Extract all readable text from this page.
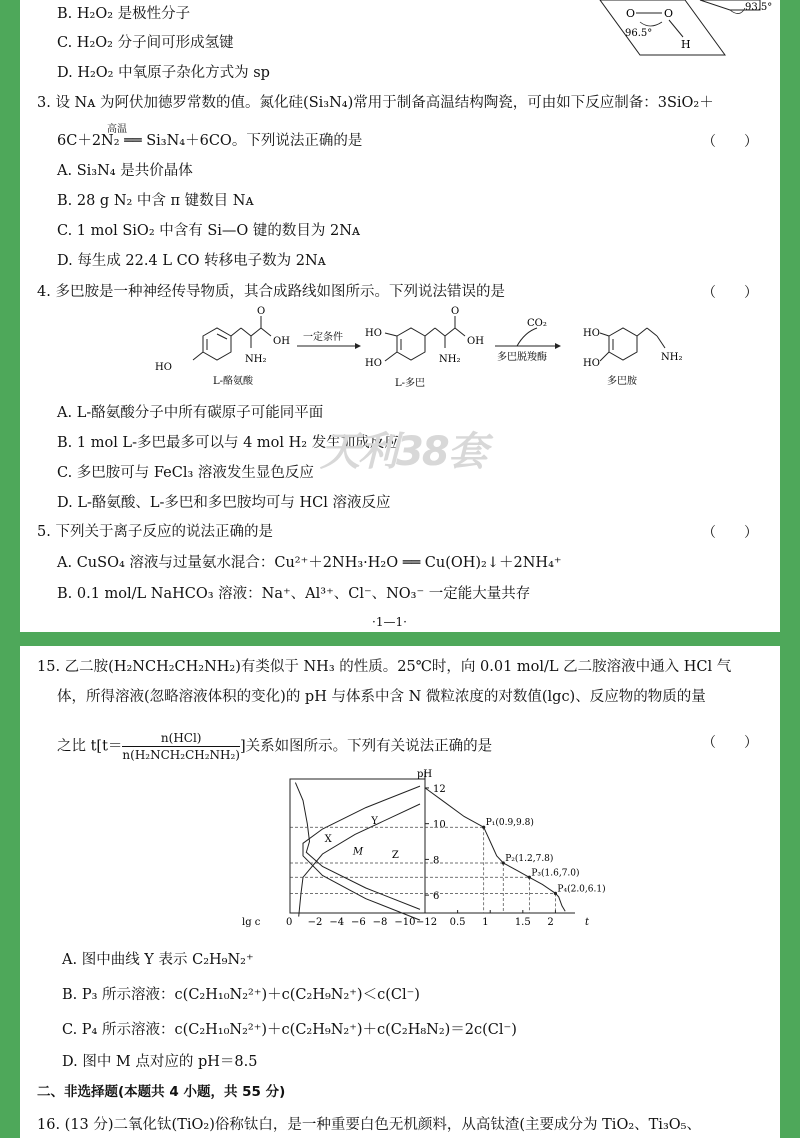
B. H₂O₂ 是极性分子
C. H₂O₂ 分子间可形成氢键
D. H₂O₂ 中氧原子杂化方式为 sp
O	O
H
93.5°
96.5°
3. 设 Nᴀ 为阿伏加德罗常数的值。氮化硅(Si₃N₄)常用于制备高温结构陶瓷，可由如下反应制备：3SiO₂＋
高温
6C＋2N₂ ══ Si₃N₄＋6CO。下列说法正确的是	（　　）
A. Si₃N₄ 是共价晶体
B. 28 g N₂ 中含 π 键数目 Nᴀ
C. 1 mol SiO₂ 中含有 Si—O 键的数目为 2Nᴀ
D. 每生成 22.4 L CO 转移电子数为 2Nᴀ
4. 多巴胺是一种神经传导物质，其合成路线如图所示。下列说法错误的是	（　　）
HO
O
OH
NH₂
L-酪氨酸
一定条件 HO
HO
O
OH
NH₂
L-多巴
CO₂
多巴脱羧酶
HO
HO
NH₂
多巴胺
A. L-酪氨酸分子中所有碳原子可能同平面
B. 1 mol L-多巴最多可以与 4 mol H₂ 发生加成反应
C. 多巴胺可与 FeCl₃ 溶液发生显色反应
D. L-酪氨酸、L-多巴和多巴胺均可与 HCl 溶液反应
天利38套
5. 下列关于离子反应的说法正确的是	（　　）
A. CuSO₄ 溶液与过量氨水混合：Cu²⁺＋2NH₃·H₂O ══ Cu(OH)₂↓＋2NH₄⁺
B. 0.1 mol/L NaHCO₃ 溶液：Na⁺、Al³⁺、Cl⁻、NO₃⁻ 一定能大量共存
·1—1·
15. 乙二胺(H₂NCH₂CH₂NH₂)有类似于 NH₃ 的性质。25℃时，向 0.01 mol/L 乙二胺溶液中通入 HCl 气
体，所得溶液(忽略溶液体积的变化)的 pH 与体系中含 N 微粒浓度的对数值(lgc)、反应物的物质的量
之比 t[t＝
n(HCl)
n(H₂NCH₂CH₂NH₂)
]关系如图所示。下列有关说法正确的是	（　　）
pH
t
lg c
12
10
8
6
0 −2 −4 −6 −8 −10 −12 0.5 1	1.5 2
P₁(0.9,9.8)
P₂(1.2,7.8)
P₃(1.6,7.0)
P₄(2.0,6.1)
X
Y
Z
M
A. 图中曲线 Y 表示 C₂H₉N₂⁺
B. P₃ 所示溶液：c(C₂H₁₀N₂²⁺)＋c(C₂H₉N₂⁺)＜c(Cl⁻)
C. P₄ 所示溶液：c(C₂H₁₀N₂²⁺)＋c(C₂H₉N₂⁺)＋c(C₂H₈N₂)＝2c(Cl⁻)
D. 图中 M 点对应的 pH＝8.5
二、非选择题(本题共 4 小题，共 55 分)
16. (13 分)二氧化钛(TiO₂)俗称钛白，是一种重要白色无机颜料，从高钛渣(主要成分为 TiO₂、Ti₃O₅、
